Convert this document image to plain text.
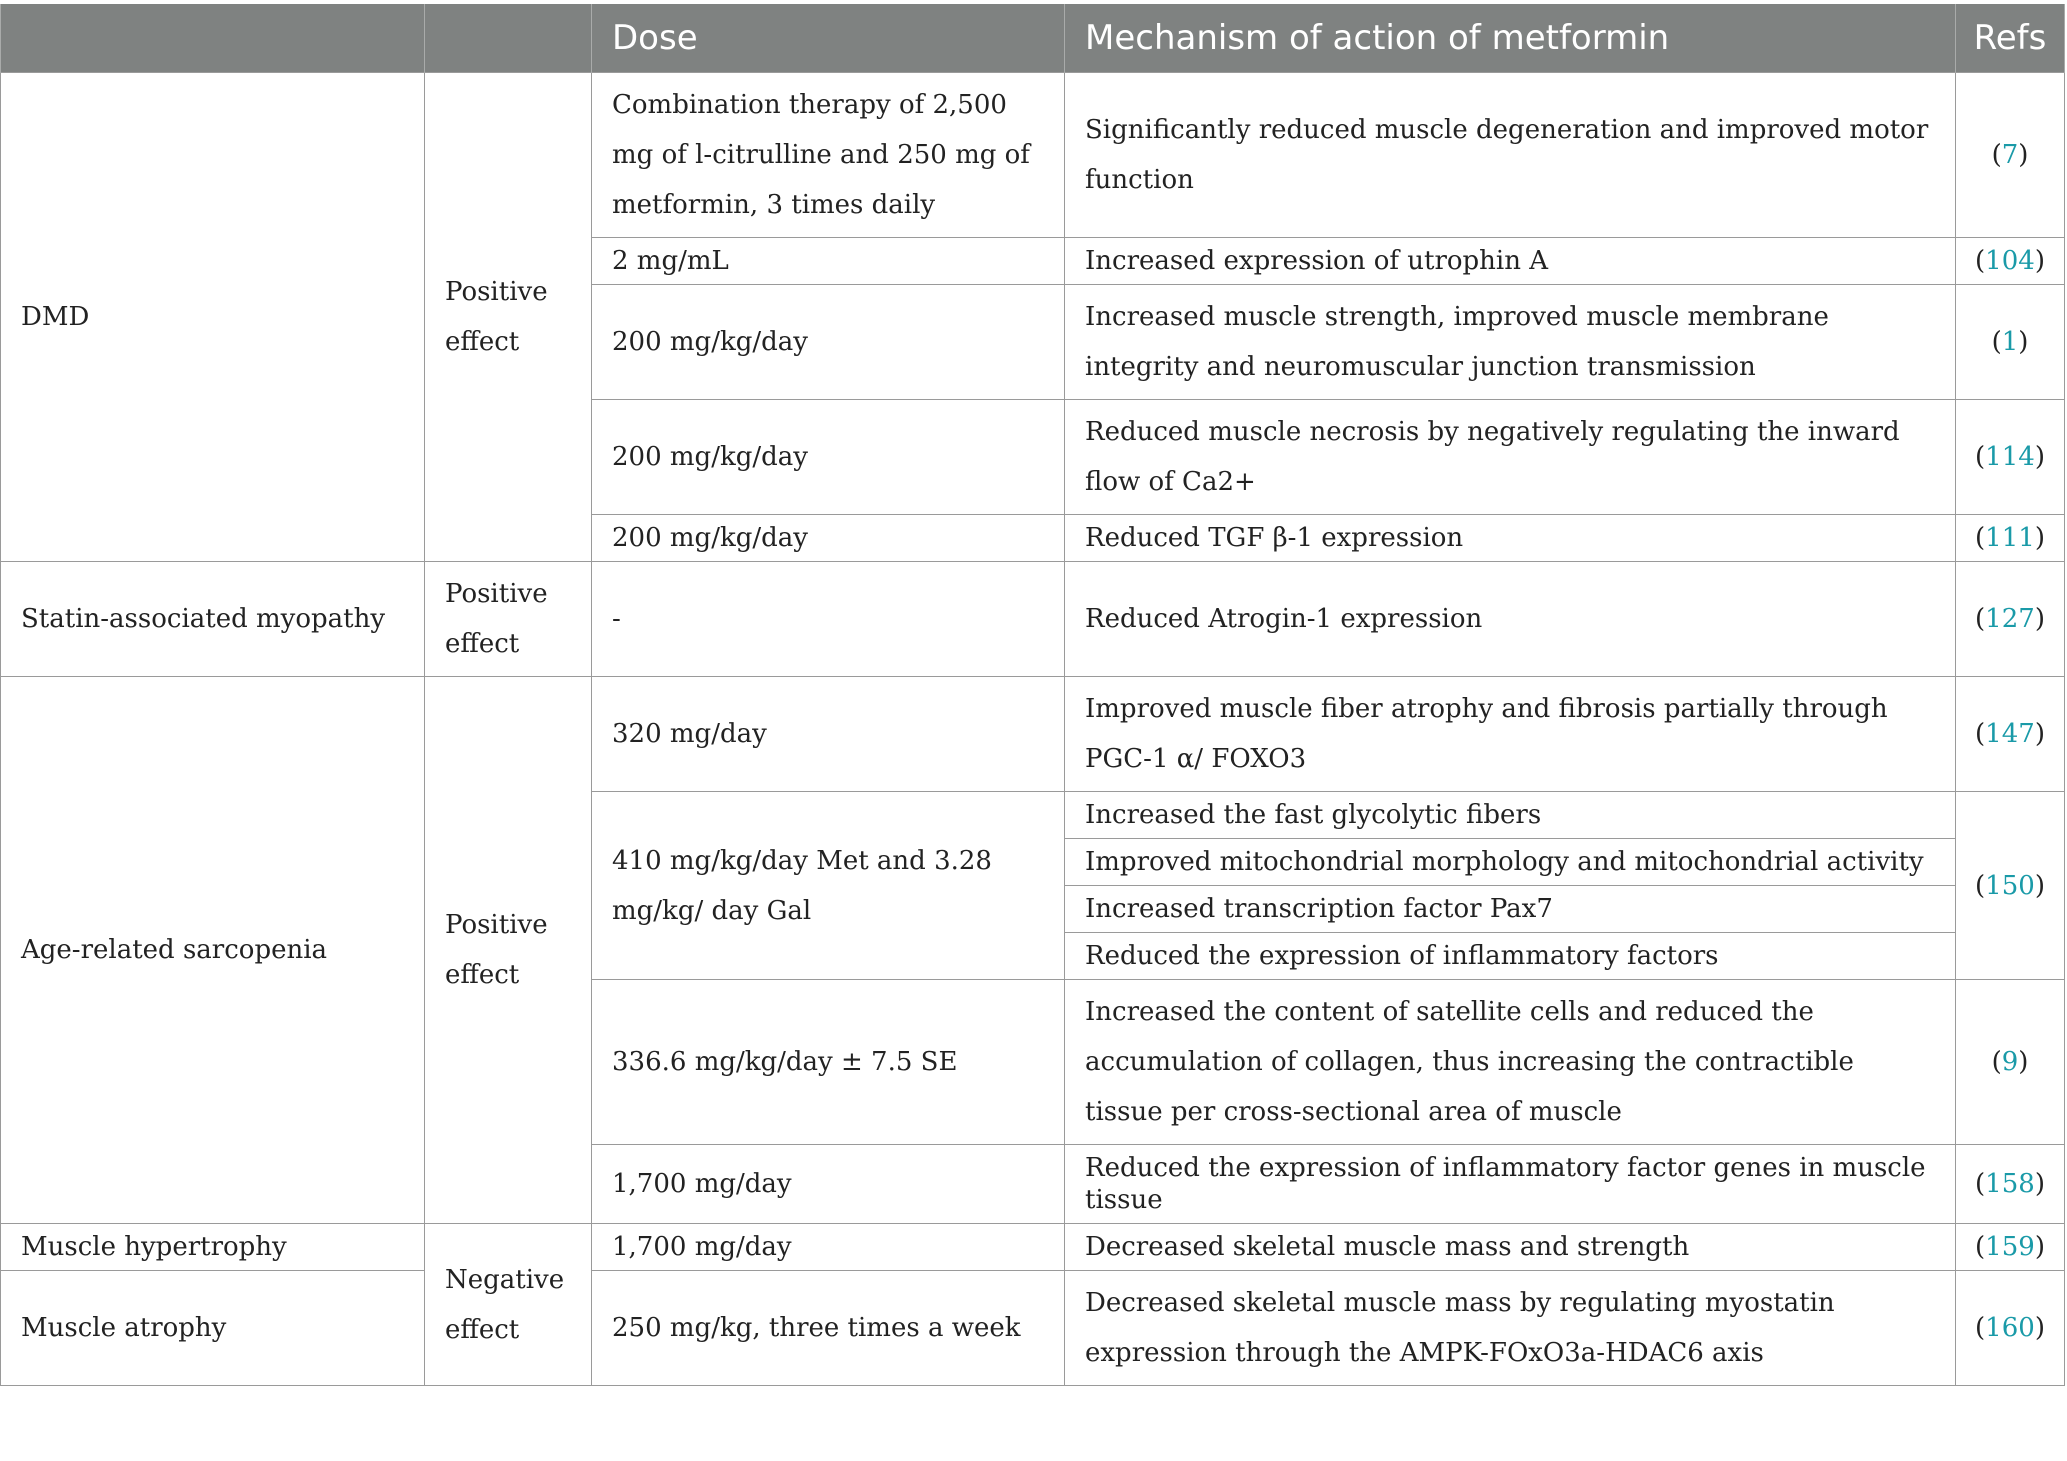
		Dose	Mechanism of action of metformin	Refs
DMD	Positive effect	Combination therapy of 2,500 mg of l-citrulline and 250 mg of metformin, 3 times daily	Significantly reduced muscle degeneration and improved motor function	(7)
		2 mg/mL	Increased expression of utrophin A	(104)
		200 mg/kg/day	Increased muscle strength, improved muscle membrane integrity and neuromuscular junction transmission	(1)
		200 mg/kg/day	Reduced muscle necrosis by negatively regulating the inward flow of Ca2+	(114)
		200 mg/kg/day	Reduced TGF β-1 expression	(111)
Statin-associated myopathy	Positive effect	-	Reduced Atrogin-1 expression	(127)
Age-related sarcopenia	Positive effect	320 mg/day	Improved muscle fiber atrophy and fibrosis partially through PGC-1 α/ FOXO3	(147)
		410 mg/kg/day Met and 3.28 mg/kg/ day Gal	Increased the fast glycolytic fibers	(150)
			Improved mitochondrial morphology and mitochondrial activity	
			Increased transcription factor Pax7	
			Reduced the expression of inflammatory factors	
		336.6 mg/kg/day ± 7.5 SE	Increased the content of satellite cells and reduced the accumulation of collagen, thus increasing the contractible tissue per cross-sectional area of muscle	(9)
		1,700 mg/day	Reduced the expression of inflammatory factor genes in muscle tissue	(158)
Muscle hypertrophy	Negative effect	1,700 mg/day	Decreased skeletal muscle mass and strength	(159)
Muscle atrophy		250 mg/kg, three times a week	Decreased skeletal muscle mass by regulating myostatin expression through the AMPK-FOxO3a-HDAC6 axis	(160)
